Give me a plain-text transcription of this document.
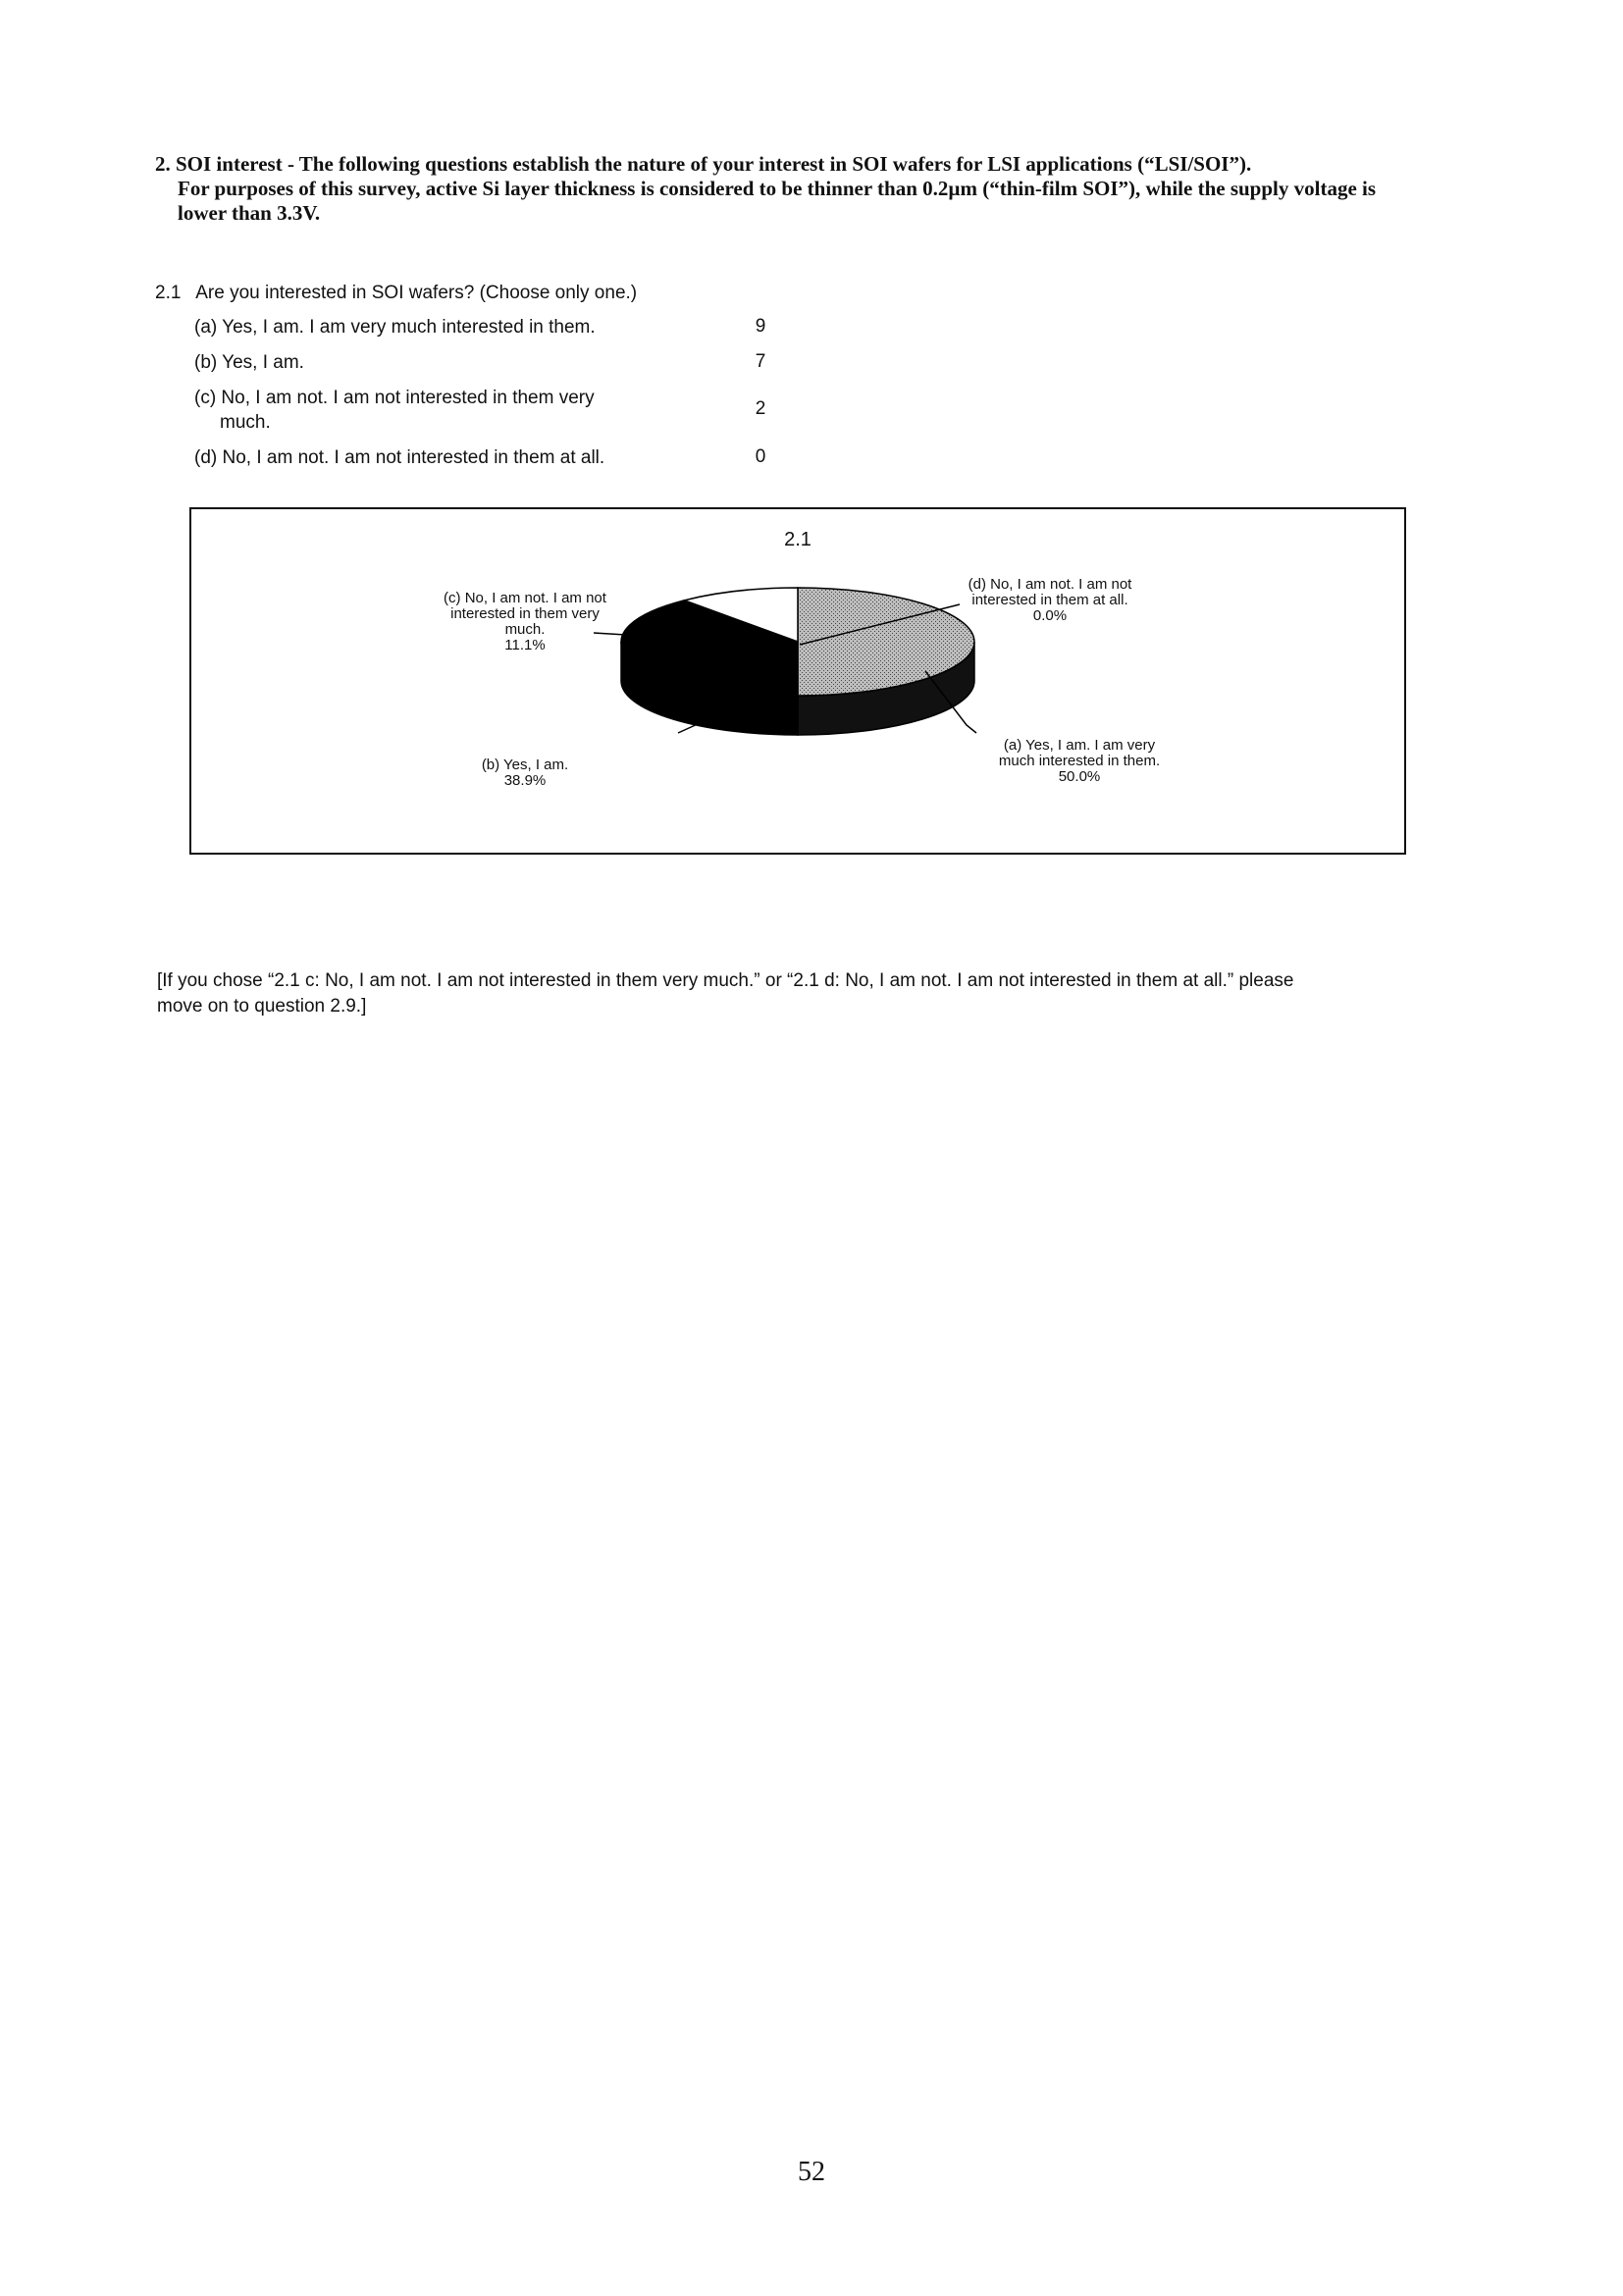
2. SOI interest - The following questions establish the nature of your interest in SOI wafers for LSI applications (“LSI/SOI”).
For purposes of this survey, active Si layer thickness is considered to be thinner than 0.2µm (“thin-film SOI”), while the supply voltage is
lower than 3.3V.
2.1 Are you interested in SOI wafers? (Choose only one.)
(a) Yes, I am. I am very much interested in them.	9
(b) Yes, I am.	7
(c) No, I am not. I am not interested in them very
much.
2
(d) No, I am not. I am not interested in them at all.	0
2.1
(a) Yes, I am. I am very
much interested in them.
50.0%
(b) Yes, I am.
38.9%
(c) No, I am not. I am not
interested in them very
much.
11.1%
(d) No, I am not. I am not
interested in them at all.
0.0%
[If you chose “2.1 c: No, I am not. I am not interested in them very much.” or “2.1 d: No, I am not. I am not interested in them at all.” please
move on to question 2.9.]
52
